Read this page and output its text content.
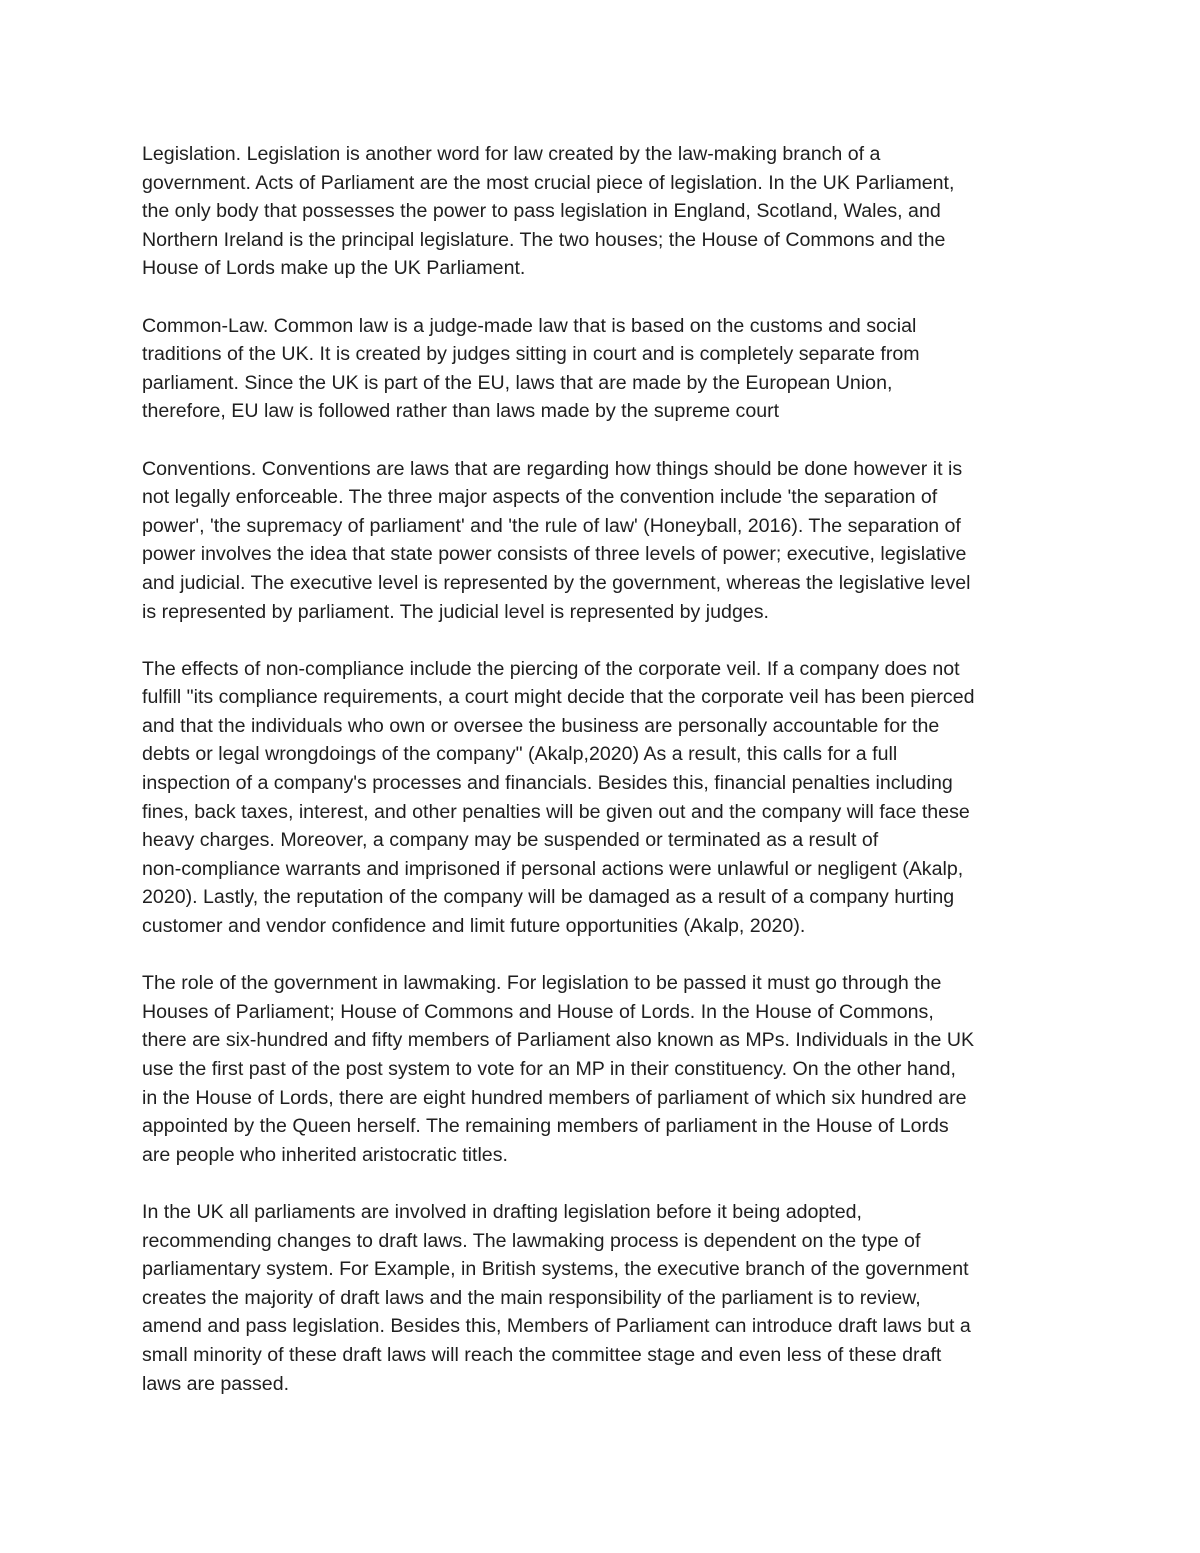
Legislation. Legislation is another word for law created by the law-making branch of a
government. Acts of Parliament are the most crucial piece of legislation. In the UK Parliament,
the only body that possesses the power to pass legislation in England, Scotland, Wales, and
Northern Ireland is the principal legislature. The two houses; the House of Commons and the
House of Lords make up the UK Parliament.

Common-Law. Common law is a judge-made law that is based on the customs and social
traditions of the UK. It is created by judges sitting in court and is completely separate from
parliament. Since the UK is part of the EU, laws that are made by the European Union,
therefore, EU law is followed rather than laws made by the supreme court

Conventions. Conventions are laws that are regarding how things should be done however it is
not legally enforceable. The three major aspects of the convention include 'the separation of
power', 'the supremacy of parliament' and 'the rule of law' (Honeyball, 2016). The separation of
power involves the idea that state power consists of three levels of power; executive, legislative
and judicial. The executive level is represented by the government, whereas the legislative level
is represented by parliament. The judicial level is represented by judges.

The effects of non-compliance include the piercing of the corporate veil. If a company does not
fulfill "its compliance requirements, a court might decide that the corporate veil has been pierced
and that the individuals who own or oversee the business are personally accountable for the
debts or legal wrongdoings of the company" (Akalp,2020) As a result, this calls for a full
inspection of a company's processes and financials. Besides this, financial penalties including
fines, back taxes, interest, and other penalties will be given out and the company will face these
heavy charges. Moreover, a company may be suspended or terminated as a result of
non-compliance warrants and imprisoned if personal actions were unlawful or negligent (Akalp,
2020). Lastly, the reputation of the company will be damaged as a result of a company hurting
customer and vendor confidence and limit future opportunities (Akalp, 2020).

The role of the government in lawmaking. For legislation to be passed it must go through the
Houses of Parliament; House of Commons and House of Lords. In the House of Commons,
there are six-hundred and fifty members of Parliament also known as MPs. Individuals in the UK
use the first past of the post system to vote for an MP in their constituency. On the other hand,
in the House of Lords, there are eight hundred members of parliament of which six hundred are
appointed by the Queen herself. The remaining members of parliament in the House of Lords
are people who inherited aristocratic titles.

In the UK all parliaments are involved in drafting legislation before it being adopted,
recommending changes to draft laws. The lawmaking process is dependent on the type of
parliamentary system. For Example, in British systems, the executive branch of the government
creates the majority of draft laws and the main responsibility of the parliament is to review,
amend and pass legislation. Besides this, Members of Parliament can introduce draft laws but a
small minority of these draft laws will reach the committee stage and even less of these draft
laws are passed.
